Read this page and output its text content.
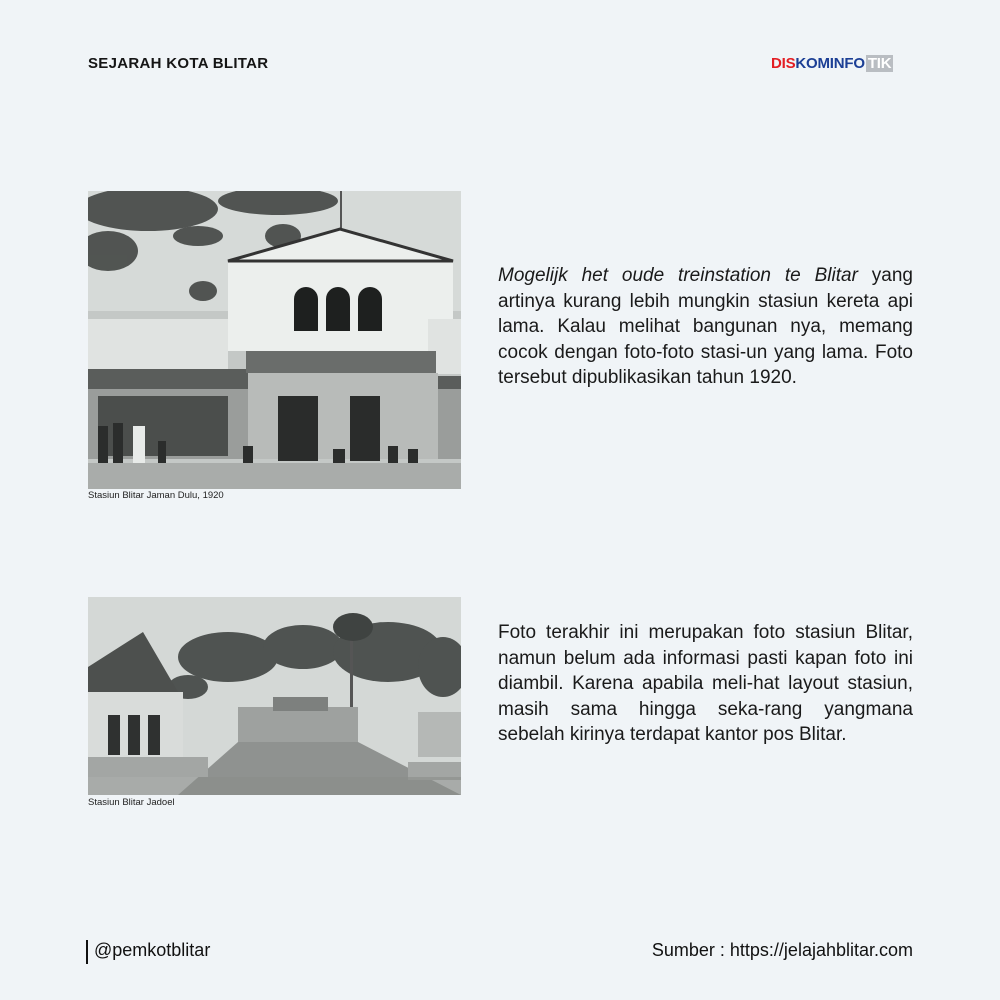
SEJARAH KOTA BLITAR	DIS KOMINFO TIK
Stasiun Blitar Jaman Dulu, 1920
Mogelijk het oude treinstation te Blitar yang artinya kurang lebih mungkin stasiun kereta api lama. Kalau melihat bangunan nya, memang cocok dengan foto-foto stasi-un yang lama. Foto tersebut dipublikasikan tahun 1920.
Stasiun Blitar Jadoel
Foto terakhir ini merupakan foto stasiun Blitar, namun belum ada informasi pasti kapan foto ini diambil. Karena apabila meli-hat layout stasiun, masih sama hingga seka-rang yangmana sebelah kirinya terdapat kantor pos Blitar.
@pemkotblitar	Sumber : https://jelajahblitar.com
